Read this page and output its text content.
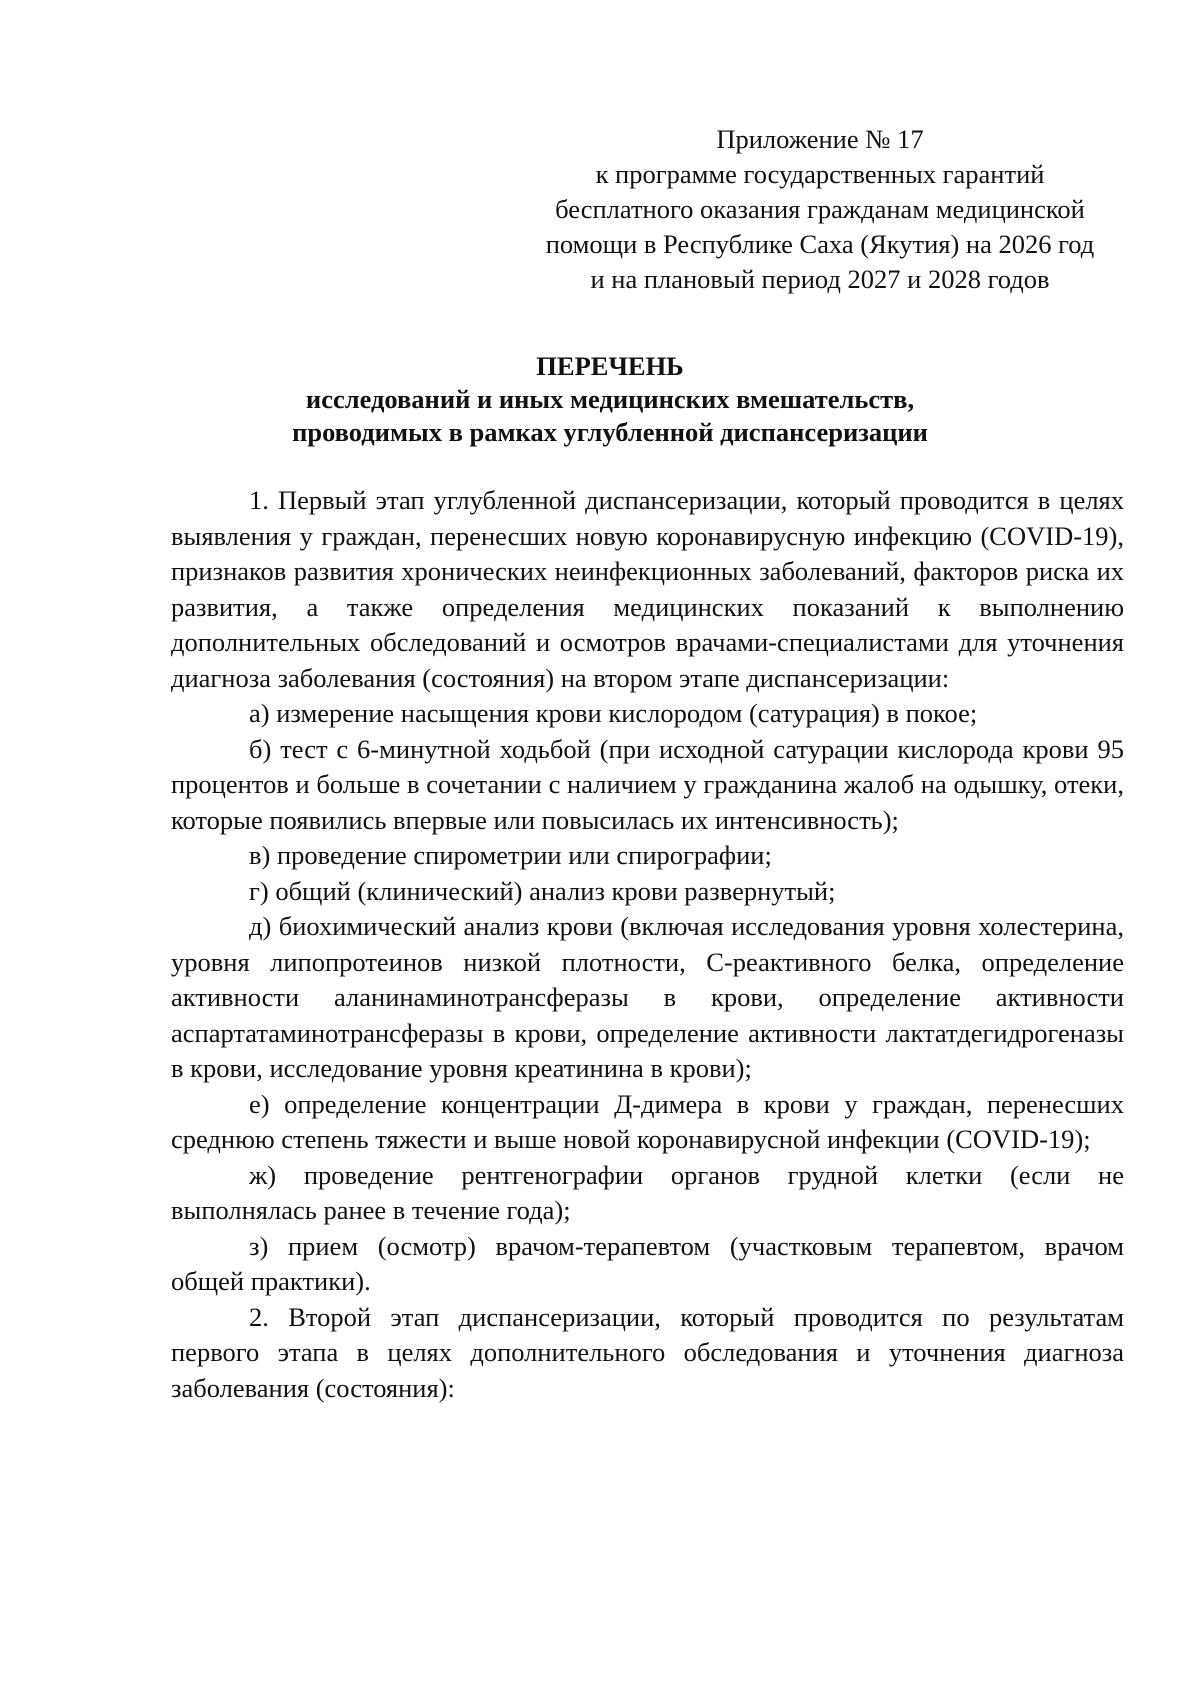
Приложение № 17
к программе государственных гарантий
бесплатного оказания гражданам медицинской
помощи в Республике Саха (Якутия) на 2026 год
и на плановый период 2027 и 2028 годов
ПЕРЕЧЕНЬ
исследований и иных медицинских вмешательств,
проводимых в рамках углубленной диспансеризации

1. Первый этап углубленной диспансеризации, который проводится в целях выявления у граждан, перенесших новую коронавирусную инфекцию (COVID-19), признаков развития хронических неинфекционных заболеваний, факторов риска их развития, а также определения медицинских показаний к выполнению дополнительных обследований и осмотров врачами-специалистами для уточнения диагноза заболевания (состояния) на втором этапе диспансеризации:

а) измерение насыщения крови кислородом (сатурация) в покое;

б) тест с 6-минутной ходьбой (при исходной сатурации кислорода крови 95 процентов и больше в сочетании с наличием у гражданина жалоб на одышку, отеки, которые появились впервые или повысилась их интенсивность);

в) проведение спирометрии или спирографии;

г) общий (клинический) анализ крови развернутый;

д) биохимический анализ крови (включая исследования уровня холестерина, уровня липопротеинов низкой плотности, С-реактивного белка, определение активности аланинаминотрансферазы в крови, определение активности аспартатаминотрансферазы в крови, определение активности лактатдегидрогеназы в крови, исследование уровня креатинина в крови);

е) определение концентрации Д-димера в крови у граждан, перенесших среднюю степень тяжести и выше новой коронавирусной инфекции (COVID-19);

ж) проведение рентгенографии органов грудной клетки (если не выполнялась ранее в течение года);

з) прием (осмотр) врачом-терапевтом (участковым терапевтом, врачом общей практики).

2. Второй этап диспансеризации, который проводится по результатам первого этапа в целях дополнительного обследования и уточнения диагноза заболевания (состояния):
